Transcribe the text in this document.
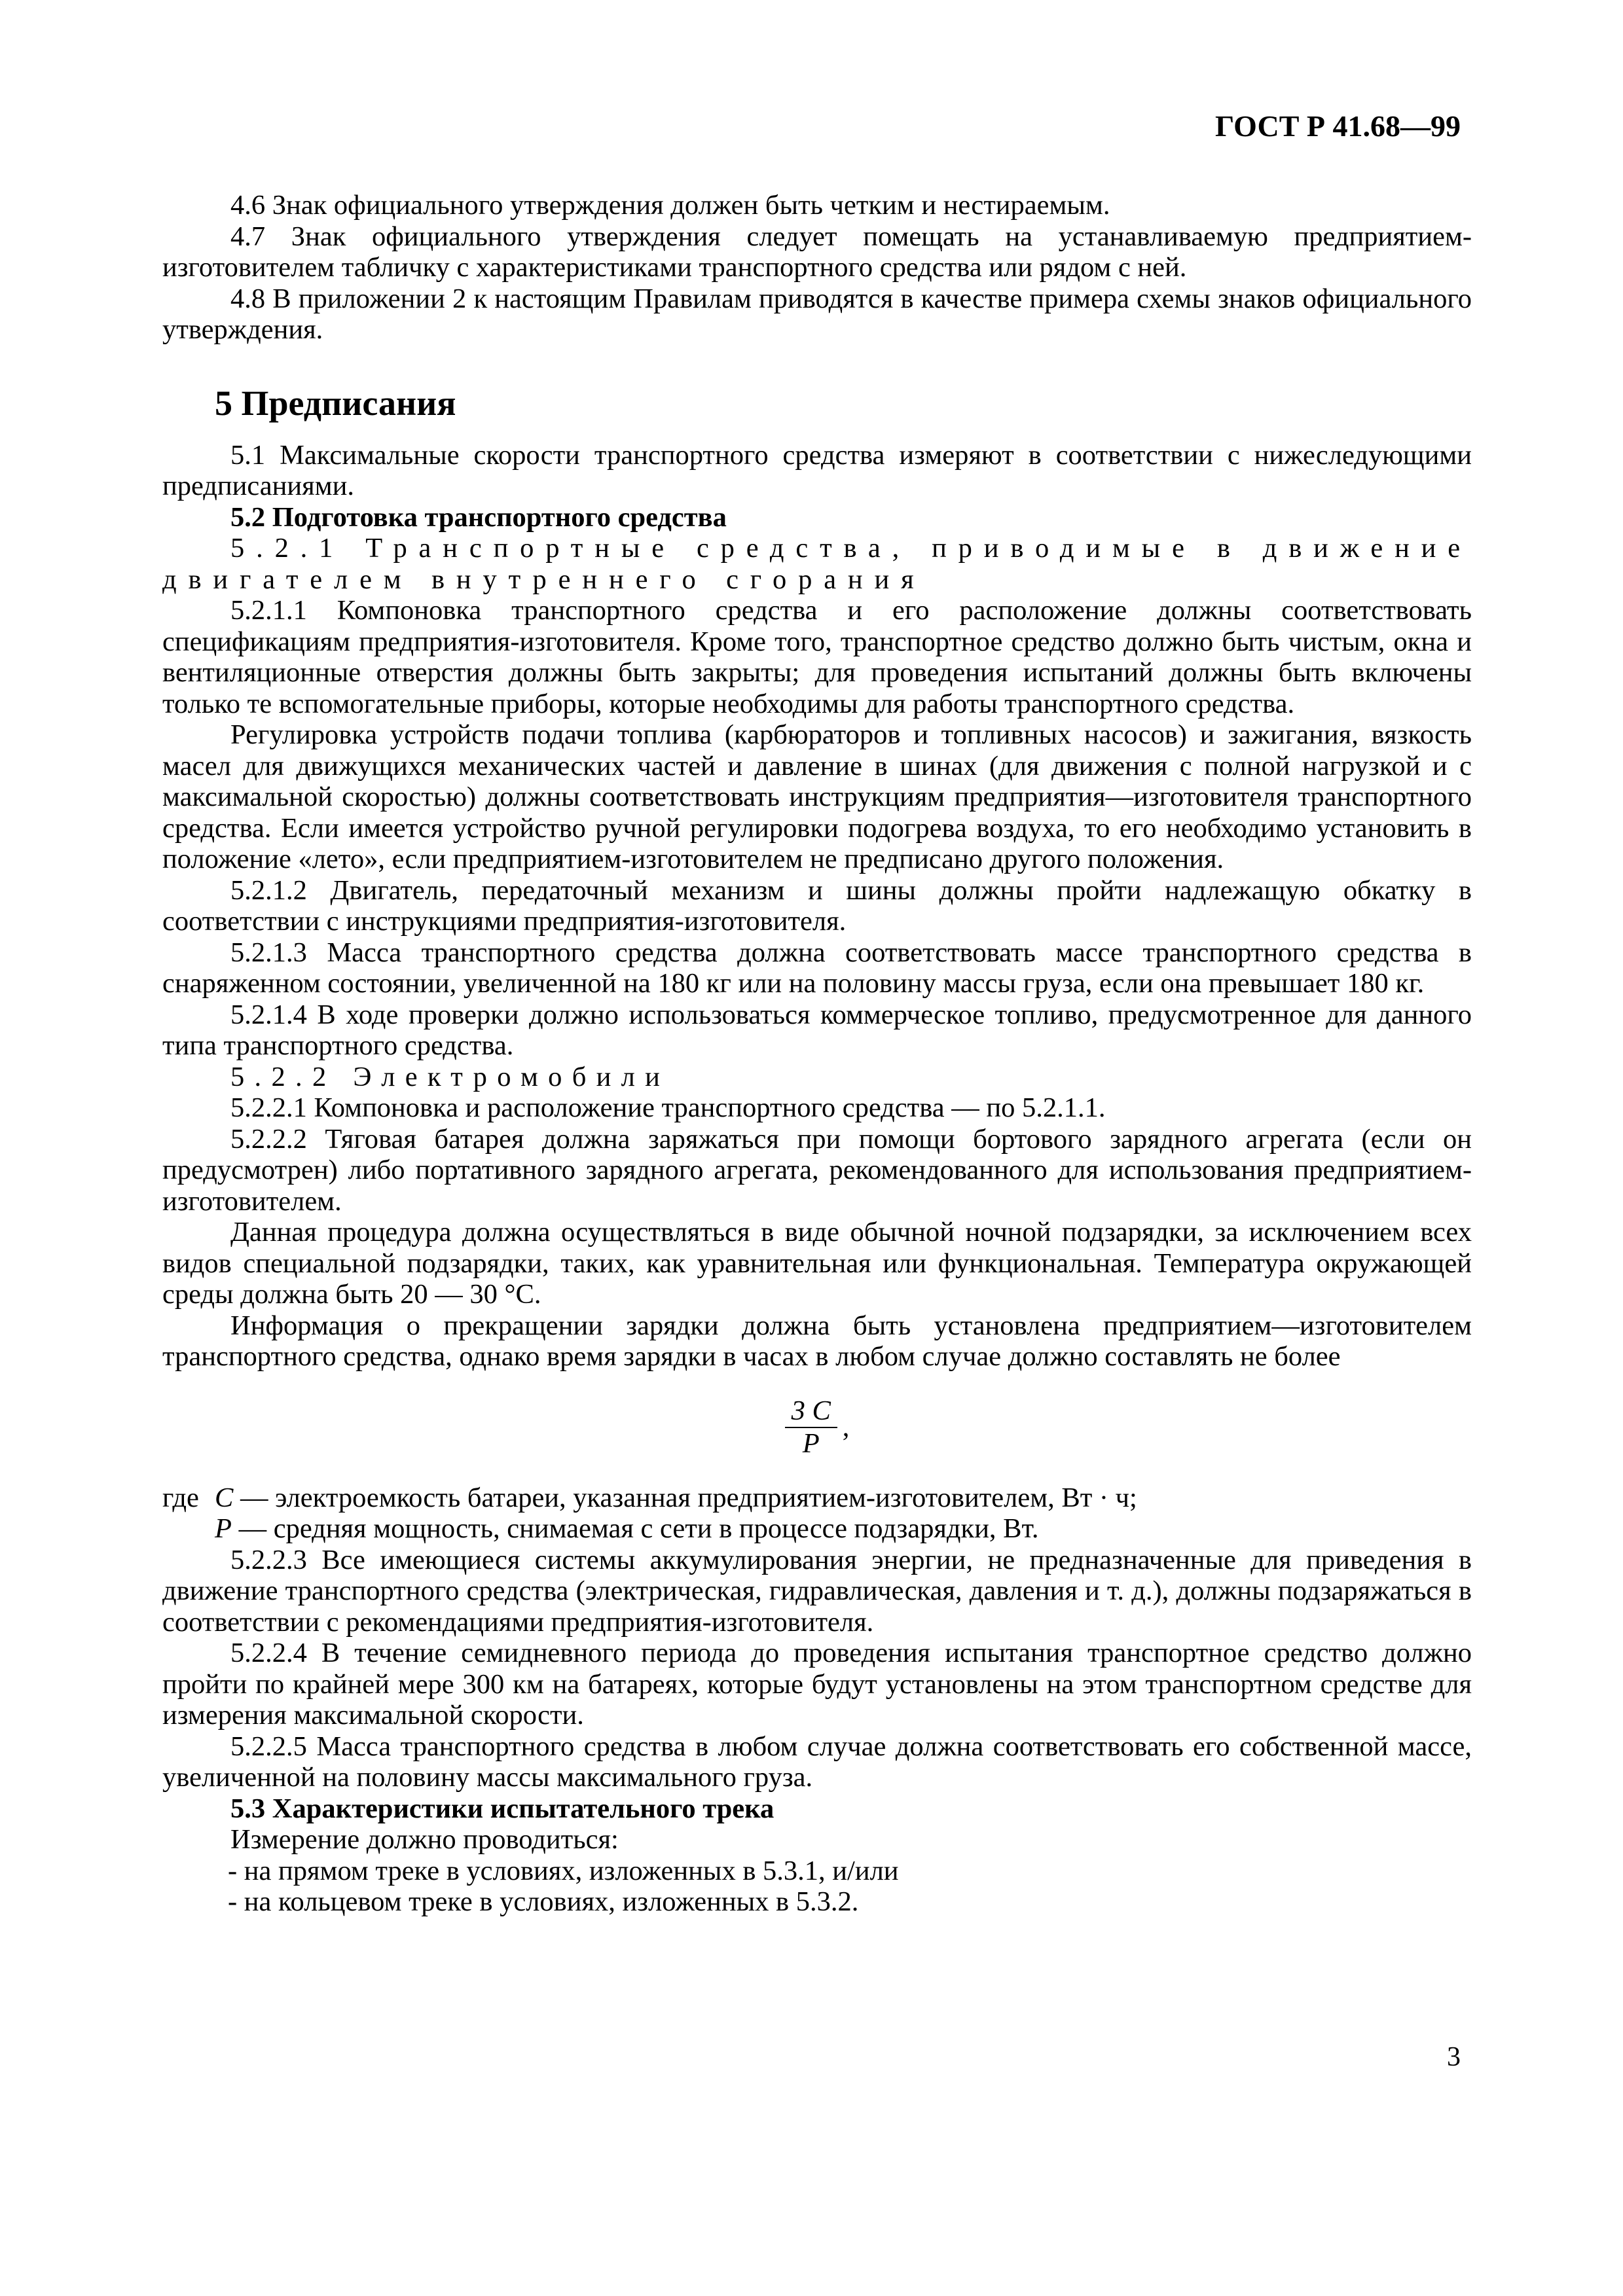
ГОСТ Р 41.68—99

4.6 Знак официального утверждения должен быть четким и нестираемым.

4.7 Знак официального утверждения следует помещать на устанавливаемую предприятием-изготовителем табличку с характеристиками транспортного средства или рядом с ней.

4.8 В приложении 2 к настоящим Правилам приводятся в качестве примера схемы знаков официального утверждения.

5 Предписания

5.1 Максимальные скорости транспортного средства измеряют в соответствии с нижеследующими предписаниями.

5.2 Подготовка транспортного средства

5.2.1 Транспортные средства, приводимые в движение двигателем внутреннего сгорания

5.2.1.1 Компоновка транспортного средства и его расположение должны соответствовать спецификациям предприятия-изготовителя. Кроме того, транспортное средство должно быть чистым, окна и вентиляционные отверстия должны быть закрыты; для проведения испытаний должны быть включены только те вспомогательные приборы, которые необходимы для работы транспортного средства.

Регулировка устройств подачи топлива (карбюраторов и топливных насосов) и зажигания, вязкость масел для движущихся механических частей и давление в шинах (для движения с полной нагрузкой и с максимальной скоростью) должны соответствовать инструкциям предприятия—изготовителя транспортного средства. Если имеется устройство ручной регулировки подогрева воздуха, то его необходимо установить в положение «лето», если предприятием-изготовителем не предписано другого положения.

5.2.1.2 Двигатель, передаточный механизм и шины должны пройти надлежащую обкатку в соответствии с инструкциями предприятия-изготовителя.

5.2.1.3 Масса транспортного средства должна соответствовать массе транспортного средства в снаряженном состоянии, увеличенной на 180 кг или на половину массы груза, если она превышает 180 кг.

5.2.1.4 В ходе проверки должно использоваться коммерческое топливо, предусмотренное для данного типа транспортного средства.

5.2.2 Электромобили

5.2.2.1 Компоновка и расположение транспортного средства — по 5.2.1.1.

5.2.2.2 Тяговая батарея должна заряжаться при помощи бортового зарядного агрегата (если он предусмотрен) либо портативного зарядного агрегата, рекомендованного для использования предприятием-изготовителем.

Данная процедура должна осуществляться в виде обычной ночной подзарядки, за исключением всех видов специальной подзарядки, таких, как уравнительная или функциональная. Температура окружающей среды должна быть 20 — 30 °С.

Информация о прекращении зарядки должна быть установлена предприятием—изготовителем транспортного средства, однако время зарядки в часах в любом случае должно составлять не более

$\frac{3 C}{P}$ ,
где C — электроемкость батареи, указанная предприятием-изготовителем, Вт · ч;
P — средняя мощность, снимаемая с сети в процессе подзарядки, Вт.

5.2.2.3 Все имеющиеся системы аккумулирования энергии, не предназначенные для приведения в движение транспортного средства (электрическая, гидравлическая, давления и т. д.), должны подзаряжаться в соответствии с рекомендациями предприятия-изготовителя.

5.2.2.4 В течение семидневного периода до проведения испытания транспортное средство должно пройти по крайней мере 300 км на батареях, которые будут установлены на этом транспортном средстве для измерения максимальной скорости.

5.2.2.5 Масса транспортного средства в любом случае должна соответствовать его собственной массе, увеличенной на половину массы максимального груза.

5.3 Характеристики испытательного трека

Измерение должно проводиться:

- на прямом треке в условиях, изложенных в 5.3.1, и/или

- на кольцевом треке в условиях, изложенных в 5.3.2.

3
